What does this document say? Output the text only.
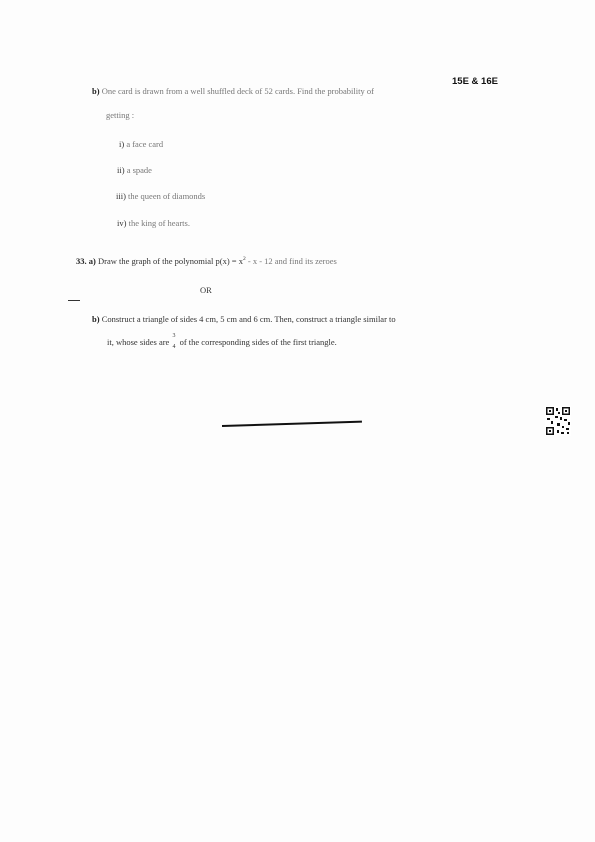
15E & 16E
b) One card is drawn from a well shuffled deck of 52 cards. Find the probability of
getting :
i) a face card
ii) a spade
iii) the queen of diamonds
iv) the king of hearts.
33. a) Draw the graph of the polynomial $p(x) = x^2 - x - 12$ and find its zeroes
OR
b) Construct a triangle of sides 4 cm, 5 cm and 6 cm. Then, construct a triangle similar to
it, whose sides are
3
4
of the corresponding sides of the first triangle.
